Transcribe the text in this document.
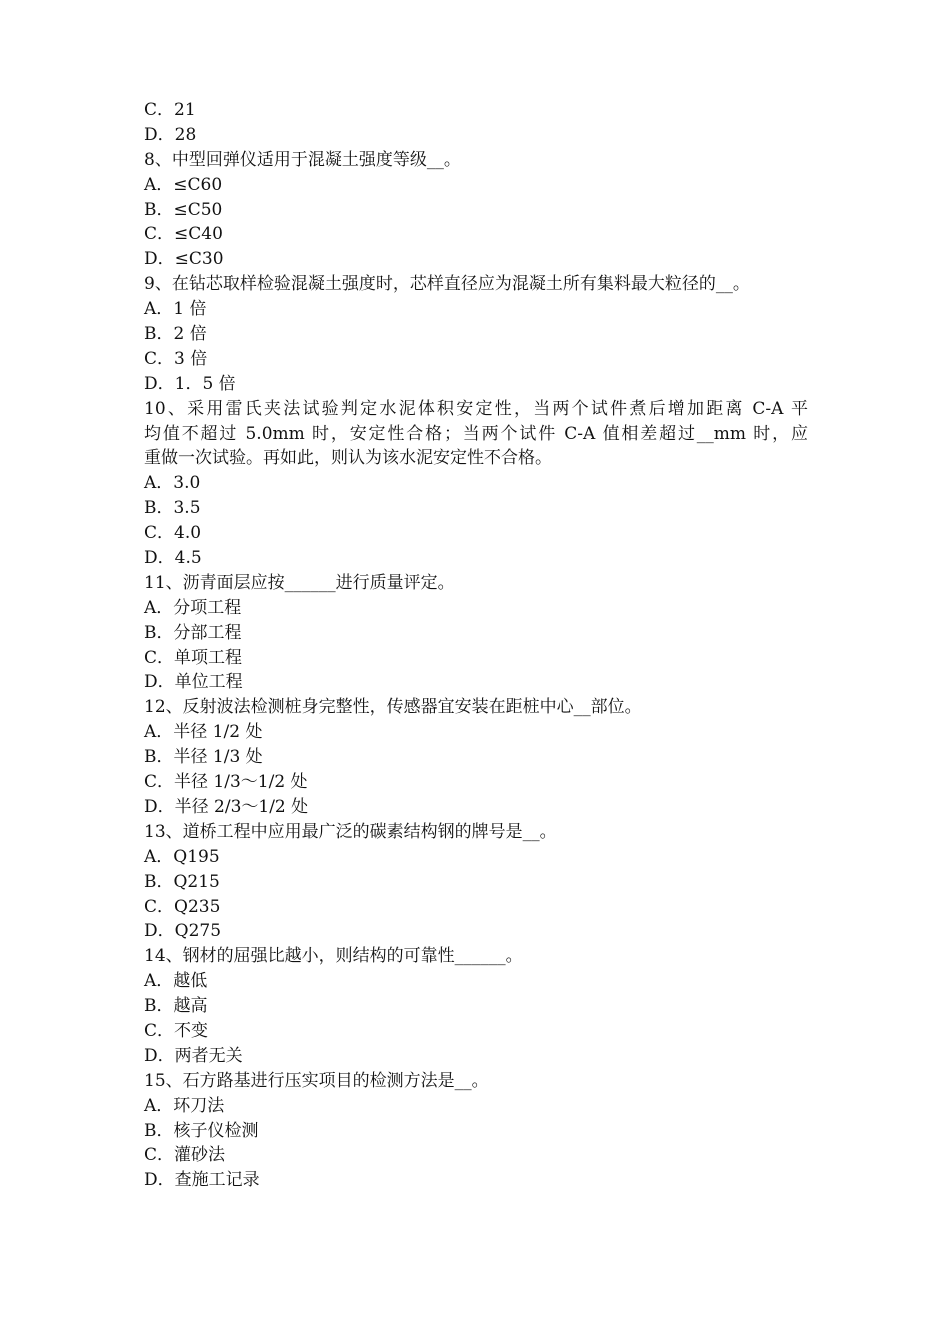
C．21
D．28
8、中型回弹仪适用于混凝土强度等级__。
A．≤C60
B．≤C50
C．≤C40
D．≤C30
9、在钻芯取样检验混凝土强度时，芯样直径应为混凝土所有集料最大粒径的__。
A．1 倍
B．2 倍
C．3 倍
D．1．5 倍
10、采用雷氏夹法试验判定水泥体积安定性，当两个试件煮后增加距离 C-A 平
均值不超过 5.0mm 时，安定性合格；当两个试件 C-A 值相差超过__mm 时，应
重做一次试验。再如此，则认为该水泥安定性不合格。
A．3.0
B．3.5
C．4.0
D．4.5
11、沥青面层应按______进行质量评定。
A．分项工程
B．分部工程
C．单项工程
D．单位工程
12、反射波法检测桩身完整性，传感器宜安装在距桩中心__部位。
A．半径 1/2 处
B．半径 1/3 处
C．半径 1/3～1/2 处
D．半径 2/3～1/2 处
13、道桥工程中应用最广泛的碳素结构钢的牌号是__。
A．Q195
B．Q215
C．Q235
D．Q275
14、钢材的屈强比越小，则结构的可靠性______。
A．越低
B．越高
C．不变
D．两者无关
15、石方路基进行压实项目的检测方法是__。
A．环刀法
B．核子仪检测
C．灌砂法
D．查施工记录
